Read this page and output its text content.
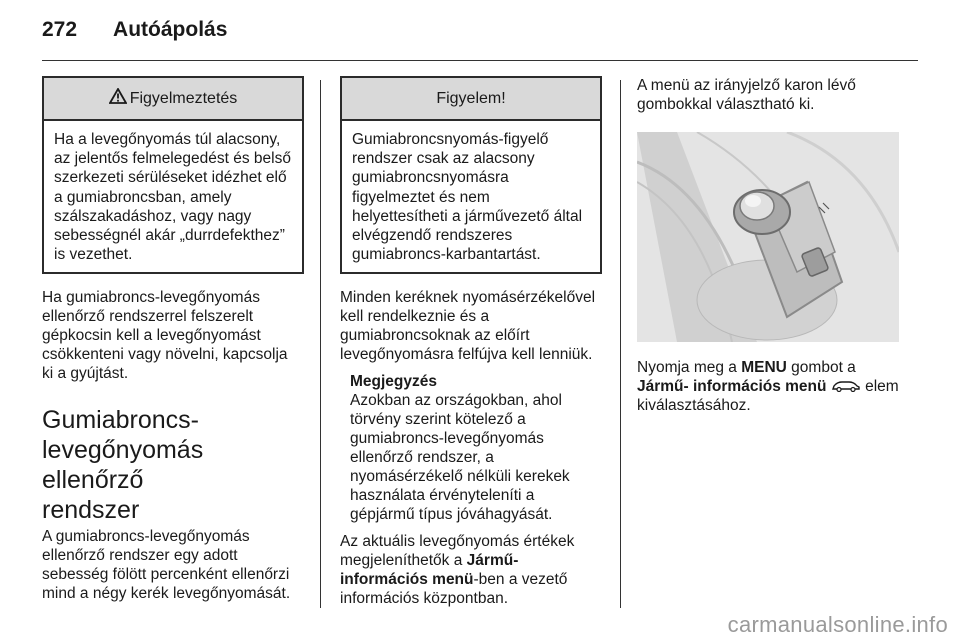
272 Autóápolás
Figyelmeztetés
Ha a levegőnyomás túl alacsony,
az jelentős felmelegedést és belső
szerkezeti sérüléseket idézhet elő
a gumiabroncsban, amely
szálszakadáshoz, vagy nagy
sebességnél akár „durrdefekthez”
is vezethet.
Ha gumiabroncs-levegőnyomás
ellenőrző rendszerrel felszerelt
gépkocsin kell a levegőnyomást
csökkenteni vagy növelni, kapcsolja
ki a gyújtást.
Gumiabroncs-
levegőnyomás ellenőrző
rendszer
A gumiabroncs-levegőnyomás
ellenőrző rendszer egy adott
sebesség fölött percenként ellenőrzi
mind a négy kerék levegőnyomását.
Figyelem!
Gumiabroncsnyomás-figyelő
rendszer csak az alacsony
gumiabroncsnyomásra
figyelmeztet és nem
helyettesítheti a járművezető által
elvégzendő rendszeres
gumiabroncs-karbantartást.
Minden keréknek nyomásérzékelővel
kell rendelkeznie és a
gumiabroncsoknak az előírt
levegőnyomásra felfújva kell lenniük.
Megjegyzés
Azokban az országokban, ahol
törvény szerint kötelező a
gumiabroncs-levegőnyomás
ellenőrző rendszer, a
nyomásérzékelő nélküli kerekek
használata érvényteleníti a
gépjármű típus jóváhagyását.
Az aktuális levegőnyomás értékek
megjeleníthetők a Jármű-
információs menü-ben a vezető
információs központban.
A menü az irányjelző karon lévő
gombokkal választható ki.
Nyomja meg a MENU gombot a
Jármű- információs menü  elem
kiválasztásához.
carmanualsonline.info
